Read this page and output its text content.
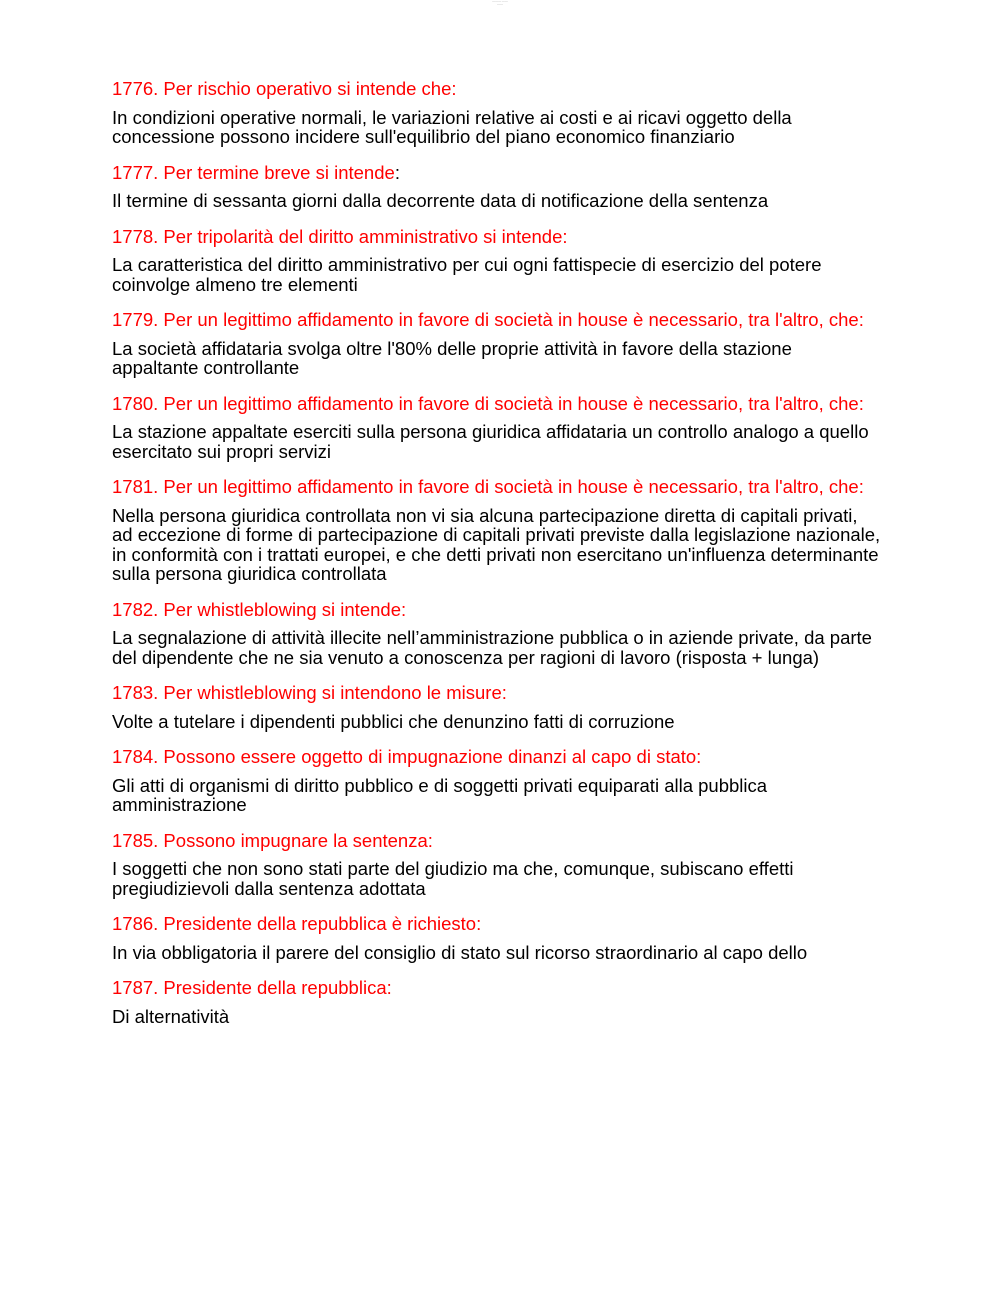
——— —— ——

1776. Per rischio operativo si intende che:

In condizioni operative normali, le variazioni relative ai costi e ai ricavi oggetto della concessione possono incidere sull'equilibrio del piano economico finanziario

1777. Per termine breve si intende:

Il termine di sessanta giorni dalla decorrente data di notificazione della sentenza

1778. Per tripolarità del diritto amministrativo si intende:

La caratteristica del diritto amministrativo per cui ogni fattispecie di esercizio del potere coinvolge almeno tre elementi

1779. Per un legittimo affidamento in favore di società in house è necessario, tra l'altro, che:

La società affidataria svolga oltre l'80% delle proprie attività in favore della stazione appaltante controllante

1780. Per un legittimo affidamento in favore di società in house è necessario, tra l'altro, che:

La stazione appaltate eserciti sulla persona giuridica affidataria un controllo analogo a quello esercitato sui propri servizi

1781. Per un legittimo affidamento in favore di società in house è necessario, tra l'altro, che:

Nella persona giuridica controllata non vi sia alcuna partecipazione diretta di capitali privati, ad eccezione di forme di partecipazione di capitali privati previste dalla legislazione nazionale, in conformità con i trattati europei, e che detti privati non esercitano un'influenza determinante sulla persona giuridica controllata

1782. Per whistleblowing si intende:

La segnalazione di attività illecite nell’amministrazione pubblica o in aziende private, da parte del dipendente che ne sia venuto a conoscenza per ragioni di lavoro (risposta + lunga)

1783. Per whistleblowing si intendono le misure:

Volte a tutelare i dipendenti pubblici che denunzino fatti di corruzione

1784. Possono essere oggetto di impugnazione dinanzi al capo di stato:

Gli atti di organismi di diritto pubblico e di soggetti privati equiparati alla pubblica amministrazione

1785. Possono impugnare la sentenza:

I soggetti che non sono stati parte del giudizio ma che, comunque, subiscano effetti pregiudizievoli dalla sentenza adottata

1786. Presidente della repubblica è richiesto:

In via obbligatoria il parere del consiglio di stato sul ricorso straordinario al capo dello

1787. Presidente della repubblica:

Di alternatività
